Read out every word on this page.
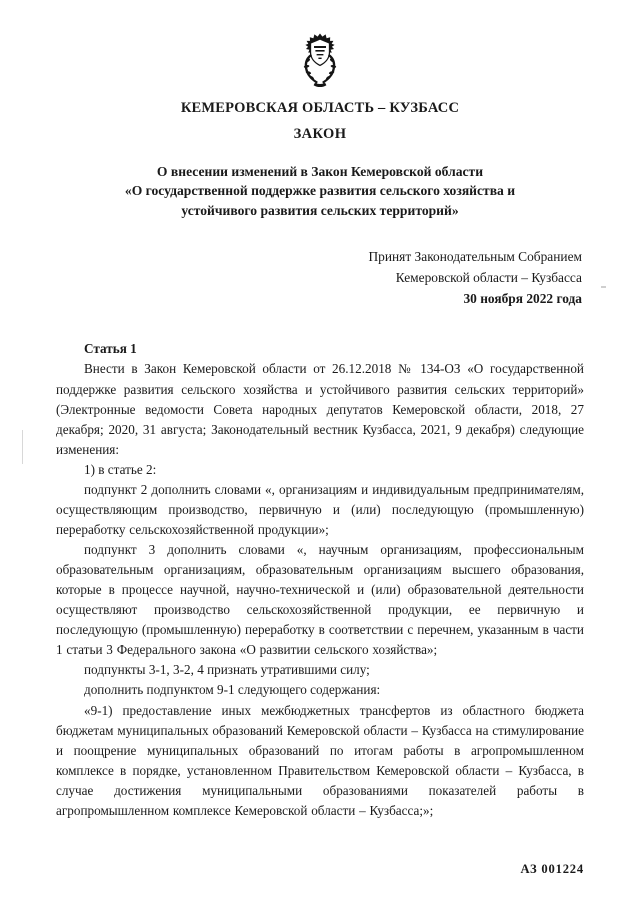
КЕМЕРОВСКАЯ ОБЛАСТЬ – КУЗБАСС
ЗАКОН
О внесении изменений в Закон Кемеровской области
«О государственной поддержке развития сельского хозяйства и
устойчивого развития сельских территорий»
Принят Законодательным Собранием
Кемеровской области – Кузбасса
30 ноября 2022 года
Статья 1

Внести в Закон Кемеровской области от 26.12.2018 № 134-ОЗ «О государственной поддержке развития сельского хозяйства и устойчивого развития сельских территорий» (Электронные ведомости Совета народных депутатов Кемеровской области, 2018, 27 декабря; 2020, 31 августа; Законодательный вестник Кузбасса, 2021, 9 декабря) следующие изменения:

1) в статье 2:

подпункт 2 дополнить словами «, организациям и индивидуальным предпринимателям, осуществляющим производство, первичную и (или) последующую (промышленную) переработку сельскохозяйственной продукции»;

подпункт 3 дополнить словами «, научным организациям, профессиональным образовательным организациям, образовательным организациям высшего образования, которые в процессе научной, научно-технической и (или) образовательной деятельности осуществляют производство сельскохозяйственной продукции, ее первичную и последующую (промышленную) переработку в соответствии с перечнем, указанным в части 1 статьи 3 Федерального закона «О развитии сельского хозяйства»;

подпункты 3-1, 3-2, 4 признать утратившими силу;

дополнить подпунктом 9-1 следующего содержания:

«9-1) предоставление иных межбюджетных трансфертов из областного бюджета бюджетам муниципальных образований Кемеровской области – Кузбасса на стимулирование и поощрение муниципальных образований по итогам работы в агропромышленном комплексе в порядке, установленном Правительством Кемеровской области – Кузбасса, в случае достижения муниципальными образованиями показателей работы в агропромышленном комплексе Кемеровской области – Кузбасса;»;

АЗ 001224
